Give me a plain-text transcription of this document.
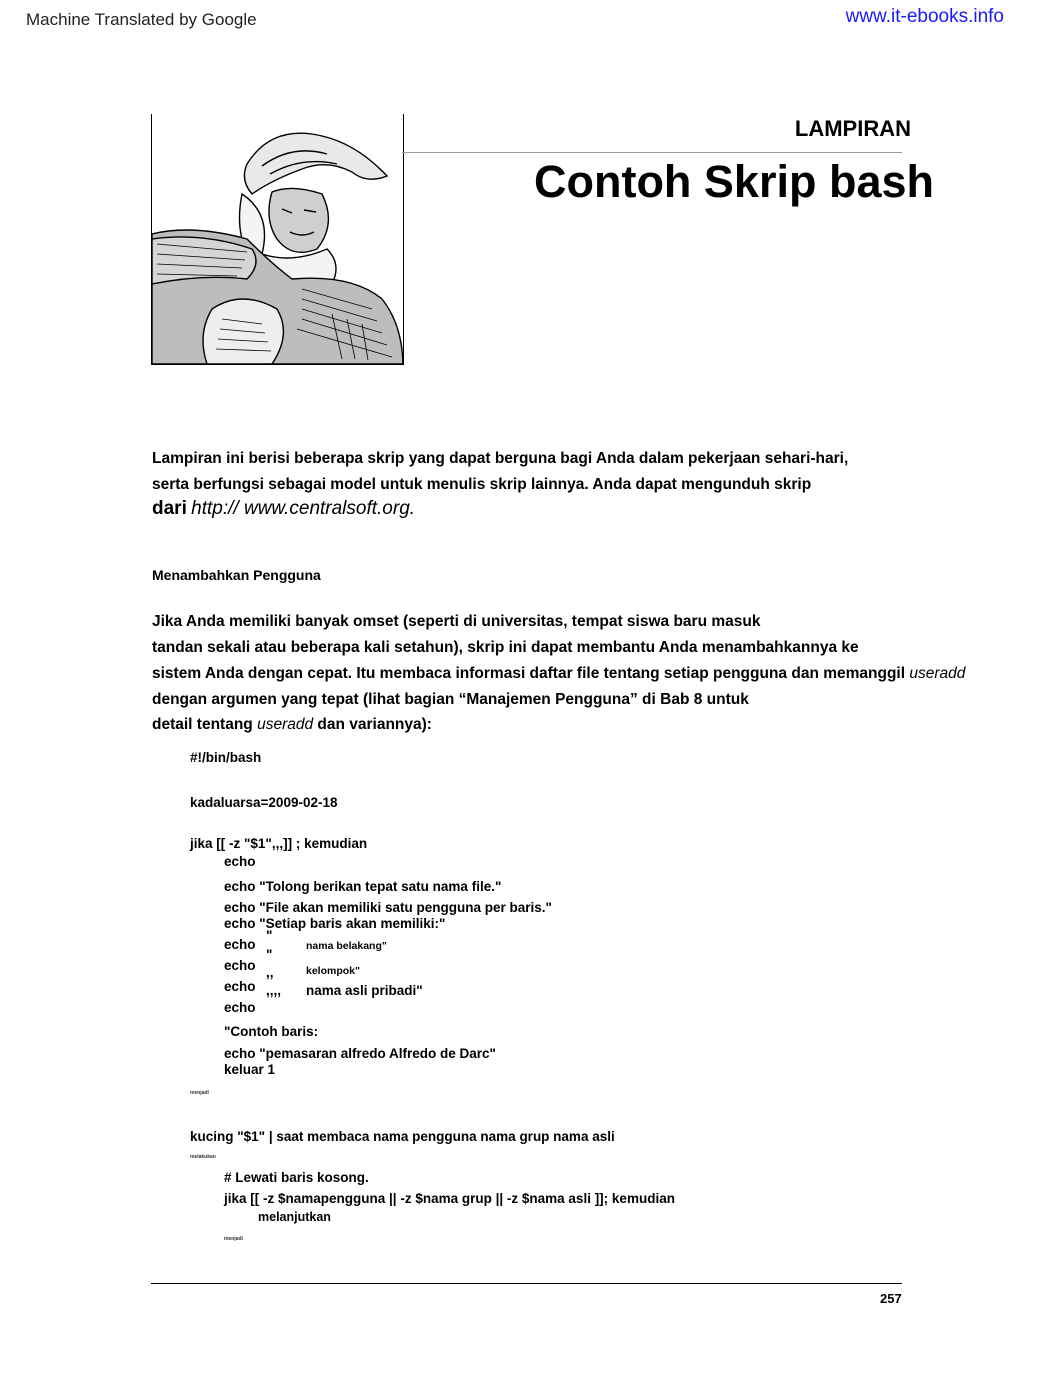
Machine Translated by Google	www.it-ebooks.info
LAMPIRAN
Contoh Skrip bash
Lampiran ini berisi beberapa skrip yang dapat berguna bagi Anda dalam pekerjaan sehari-hari,
serta berfungsi sebagai model untuk menulis skrip lainnya. Anda dapat mengunduh skrip
dari http:// www.centralsoft.org.
Menambahkan Pengguna
Jika Anda memiliki banyak omset (seperti di universitas, tempat siswa baru masuk
tandan sekali atau beberapa kali setahun), skrip ini dapat membantu Anda menambahkannya ke
sistem Anda dengan cepat. Itu membaca informasi daftar file tentang setiap pengguna dan memanggil useradd
dengan argumen yang tepat (lihat bagian “Manajemen Pengguna” di Bab 8 untuk
detail tentang useradd dan variannya):
#!/bin/bash
kadaluarsa=2009-02-18
jika [[ -z "$1",,,]] ; kemudian
echo
echo "Tolong berikan tepat satu nama file."
echo "File akan memiliki satu pengguna per baris."
echo "Setiap baris akan memiliki:"
echo
"
nama belakang"
echo
"
,,	kelompok"
echo ,,,, nama asli pribadi"
echo
"Contoh baris:
echo "pemasaran alfredo Alfredo de Darc"
keluar 1
menjadi
kucing "$1" | saat membaca nama pengguna nama grup nama asli
melakukan
# Lewati baris kosong.
jika [[ -z $namapengguna || -z $nama grup || -z $nama asli ]]; kemudian
melanjutkan
menjadi
257
